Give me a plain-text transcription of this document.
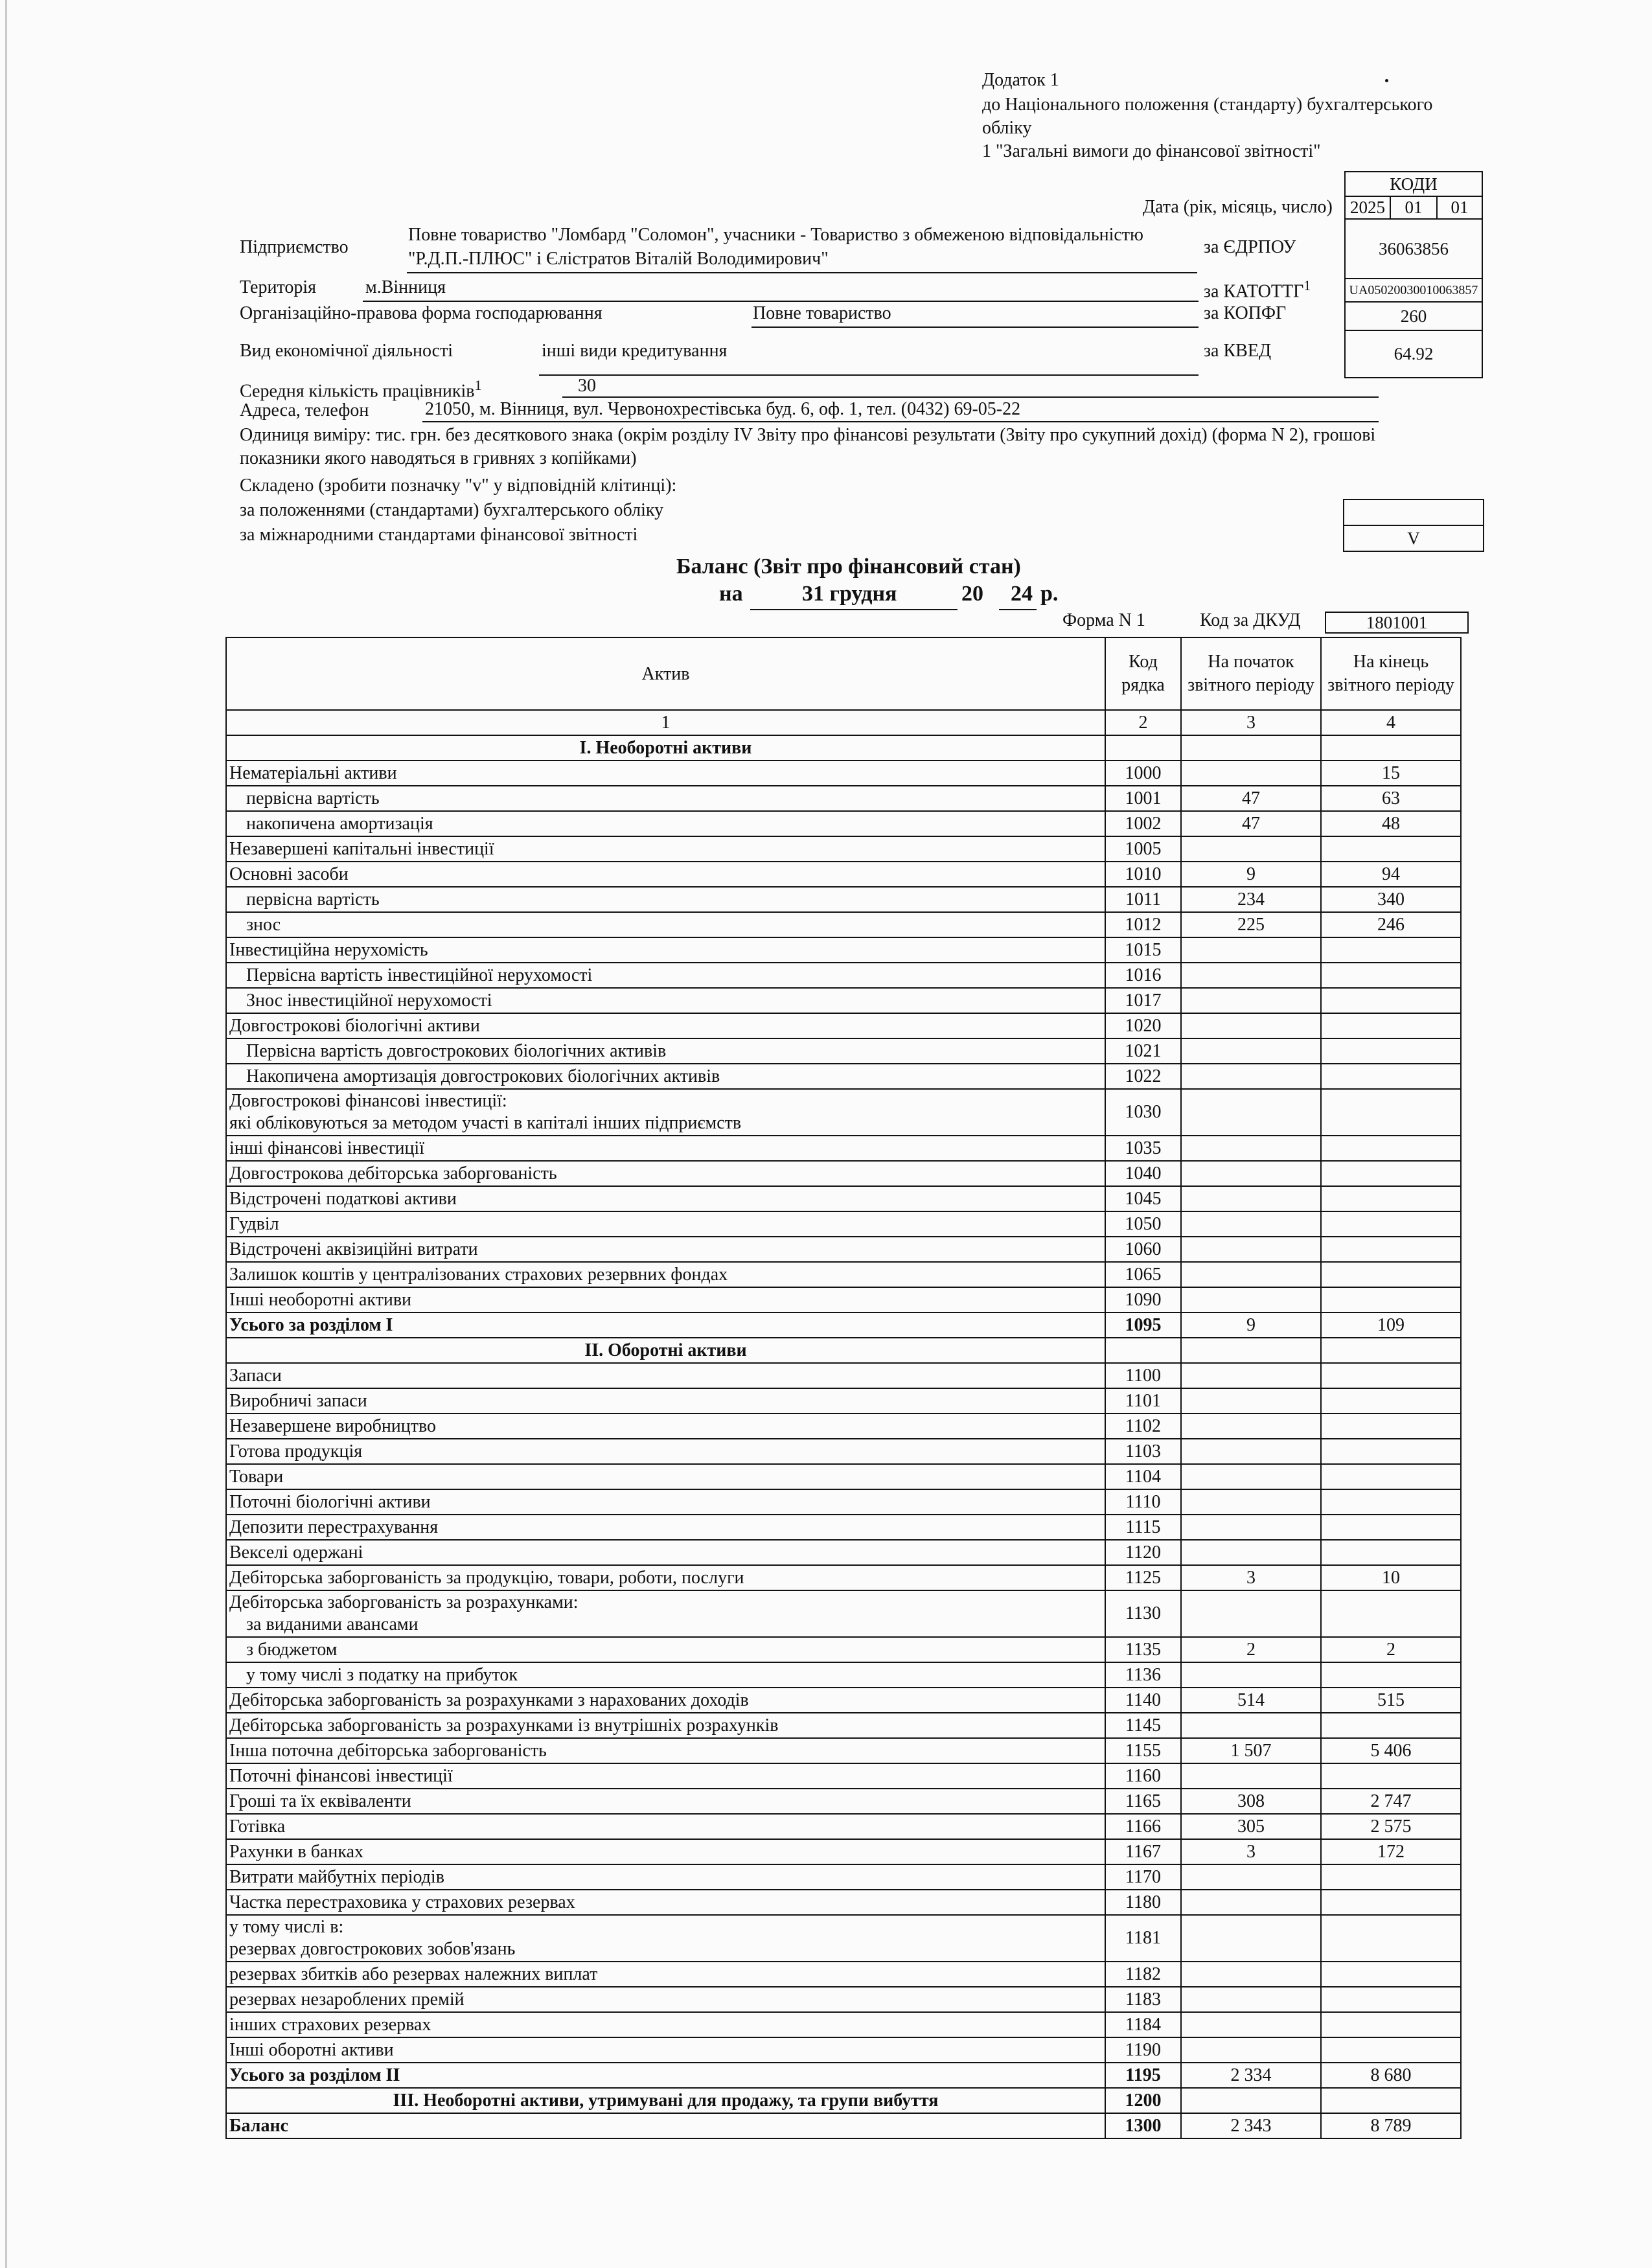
Додаток 1
до Національного положення (стандарту) бухгалтерського
обліку
1 "Загальні вимоги до фінансової звітності"
КОДИ
Дата (рік, місяць, число)	2025	01	01
Підприємство
Повне товариство "Ломбард "Соломон", учасники - Товариство з обмеженою відповідальністю
"Р.Д.П.-ПЛЮС" і Єлістратов Віталій Володимирович"
за ЄДРПОУ	36063856
Територія	м.Вінниця	за КАТОТТГ$^1$	UA05020030010063857
Організаційно-правова форма господарювання	Повне товариство	за КОПФГ	260
Вид економічної діяльності	інші види кредитування	за КВЕД	64.92
Середня кількість працівників$^1$	30
Адреса, телефон	21050, м. Вінниця, вул. Червонохрестівська буд. 6, оф. 1, тел. (0432) 69-05-22
Одиниця виміру: тис. грн. без десяткового знака (окрім розділу IV Звіту про фінансові результати (Звіту про сукупний дохід) (форма N 2), грошові
показники якого наводяться в гривнях з копійками)
Складено (зробити позначку "v" у відповідній клітинці):
за положеннями (стандартами) бухгалтерського обліку
за міжнародними стандартами фінансової звітності	V
Баланс (Звіт про фінансовий стан)
на	31 грудня	20 24 р.
Форма N 1	Код за ДКУД	1801001
Актив	Код рядка	На початок звітного періоду	На кінець звітного періоду
1	2	3	4
I. Необоротні активи			
Нематеріальні активи	1000		15
первісна вартість	1001	47	63
накопичена амортизація	1002	47	48
Незавершені капітальні інвестиції	1005		
Основні засоби	1010	9	94
первісна вартість	1011	234	340
знос	1012	225	246
Інвестиційна нерухомість	1015		
Первісна вартість інвестиційної нерухомості	1016		
Знос інвестиційної нерухомості	1017		
Довгострокові біологічні активи	1020		
Первісна вартість довгострокових біологічних активів	1021		
Накопичена амортизація довгострокових біологічних активів	1022		

Довгострокові фінансові інвестиції:
які обліковуються за методом участі в капіталі інших підприємств	1030		
інші фінансові інвестиції	1035		
Довгострокова дебіторська заборгованість	1040		
Відстрочені податкові активи	1045		
Гудвіл	1050		
Відстрочені аквізиційні витрати	1060		
Залишок коштів у централізованих страхових резервних фондах	1065		
Інші необоротні активи	1090		
Усього за розділом I	1095	9	109
II. Оборотні активи			
Запаси	1100		
Виробничі запаси	1101		
Незавершене виробництво	1102		
Готова продукція	1103		
Товари	1104		
Поточні біологічні активи	1110		
Депозити перестрахування	1115		
Векселі одержані	1120		
Дебіторська заборгованість за продукцію, товари, роботи, послуги	1125	3	10

Дебіторська заборгованість за розрахунками:
за виданими авансами	1130		
з бюджетом	1135	2	2
у тому числі з податку на прибуток	1136		
Дебіторська заборгованість за розрахунками з нарахованих доходів	1140	514	515
Дебіторська заборгованість за розрахунками із внутрішніх розрахунків	1145		
Інша поточна дебіторська заборгованість	1155	1 507	5 406
Поточні фінансові інвестиції	1160		
Гроші та їх еквіваленти	1165	308	2 747
Готівка	1166	305	2 575
Рахунки в банках	1167	3	172
Витрати майбутніх періодів	1170		
Частка перестраховика у страхових резервах	1180		

у тому числі в:
резервах довгострокових зобов'язань	1181		
резервах збитків або резервах належних виплат	1182		
резервах незароблених премій	1183		
інших страхових резервах	1184		
Інші оборотні активи	1190		
Усього за розділом II	1195	2 334	8 680
III. Необоротні активи, утримувані для продажу, та групи вибуття	1200		
Баланс	1300	2 343	8 789
